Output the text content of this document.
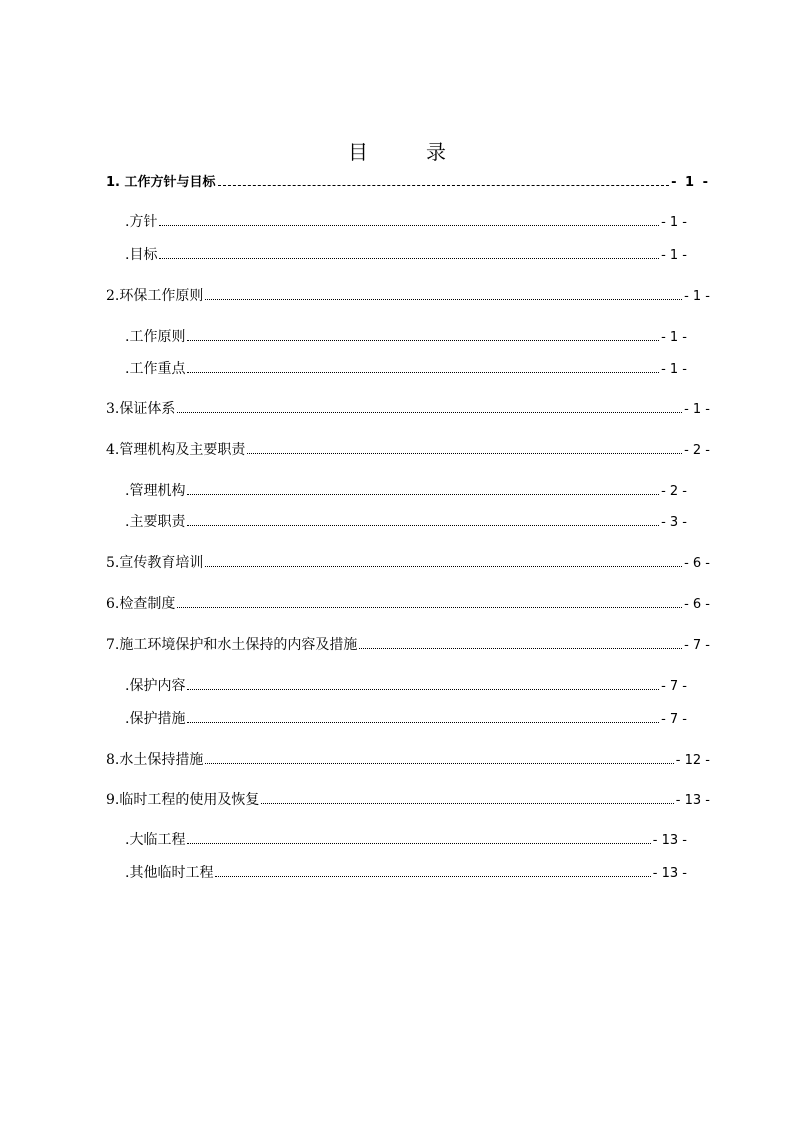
目	录
1. 工作方针与目标	- 1 -
.方针	- 1 -
.目标	- 1 -
2.环保工作原则	- 1 -
.工作原则	- 1 -
.工作重点	- 1 -
3.保证体系	- 1 -
4.管理机构及主要职责	- 2 -
.管理机构	- 2 -
.主要职责	- 3 -
5.宣传教育培训	- 6 -
6.检查制度	- 6 -
7.施工环境保护和水土保持的内容及措施	- 7 -
.保护内容	- 7 -
.保护措施	- 7 -
8.水土保持措施	- 12 -
9.临时工程的使用及恢复	- 13 -
.大临工程	- 13 -
.其他临时工程	- 13 -
